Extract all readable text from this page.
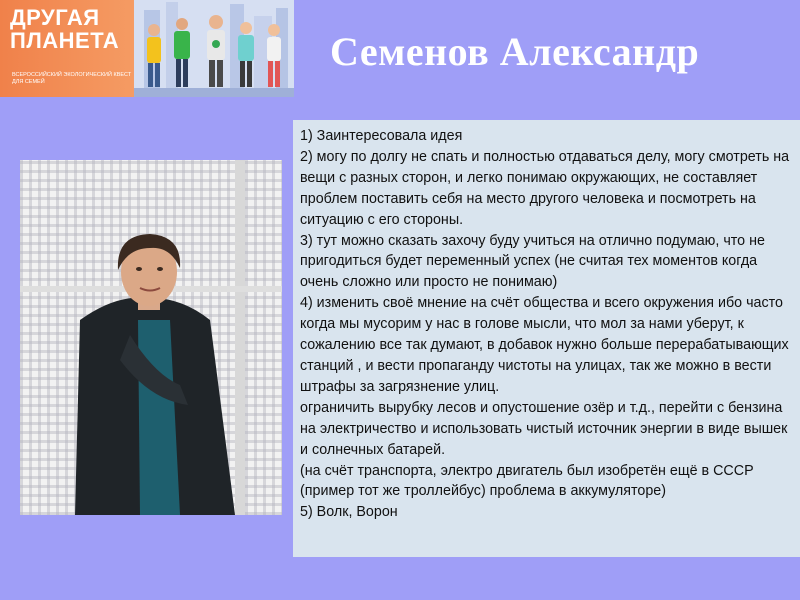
ДРУГАЯ
ПЛАНЕТА
ВСЕРОССИЙСКИЙ ЭКОЛОГИЧЕСКИЙ КВЕСТ ДЛЯ СЕМЕЙ
Семенов Александр

1) Заинтересовала идея

2) могу по долгу не спать и полностью отдаваться делу, могу смотреть на вещи с разных сторон, и легко понимаю окружающих, не составляет проблем поставить себя на место другого человека и посмотреть на ситуацию с его стороны.

3) тут можно сказать захочу буду учиться на отлично подумаю, что не пригодиться будет переменный успех (не считая тех моментов когда очень сложно или просто не понимаю)

4) изменить своё мнение на счёт общества и всего окружения ибо часто когда мы мусорим у нас в голове мысли, что мол за нами уберут, к сожалению все так думают, в добавок нужно больше перерабатывающих станций , и вести пропаганду чистоты на улицах, так же можно в вести штрафы за загрязнение улиц.

ограничить вырубку лесов и опустошение озёр и т.д., перейти с бензина на электричество и использовать чистый источник энергии в виде вышек и солнечных батарей.

(на счёт транспорта, электро двигатель был изобретён ещё в СССР (пример тот же троллейбус) проблема в аккумуляторе)

5) Волк, Ворон
